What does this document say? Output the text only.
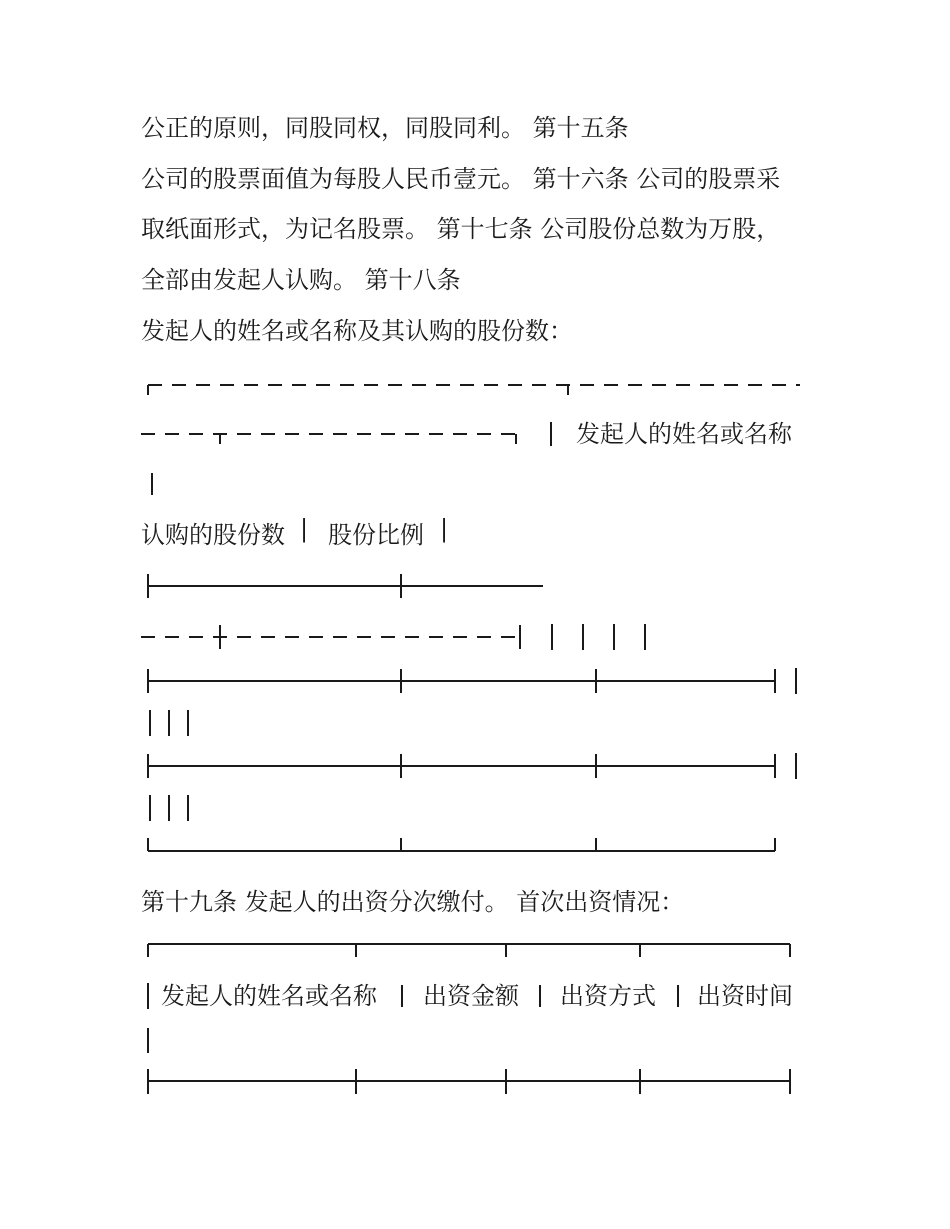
公正的原则，同股同权，同股同利。 第十五条
公司的股票面值为每股人民币壹元。 第十六条 公司的股票采
取纸面形式，为记名股票。 第十七条 公司股份总数为万股，
全部由发起人认购。 第十八条
发起人的姓名或名称及其认购的股份数：
发起人的姓名或名称
认购的股份数 | 股份比例 |
第十九条 发起人的出资分次缴付。 首次出资情况：
发起人的姓名或名称 出资金额 出资方式 出资时间
